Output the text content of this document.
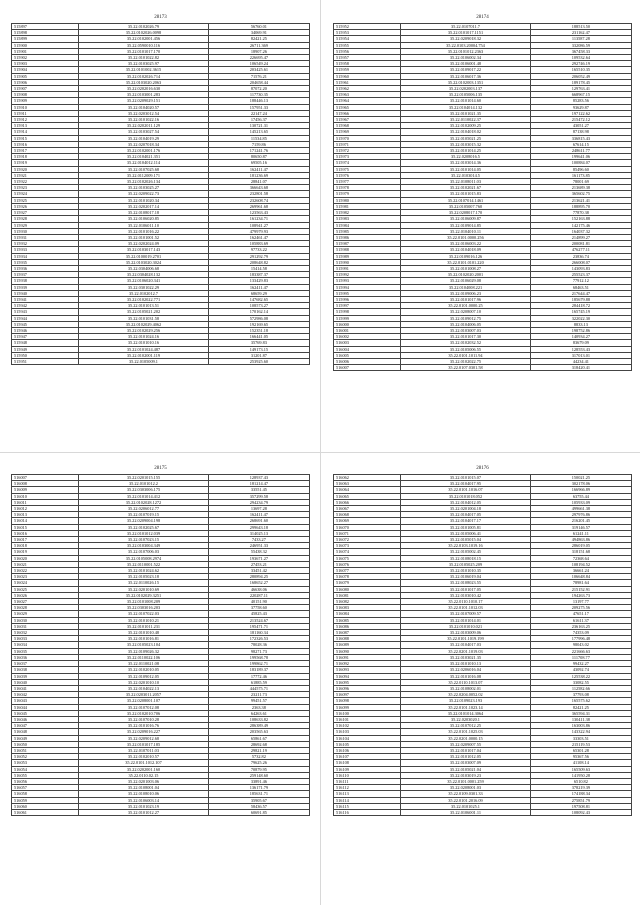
28173
515897	35.22.0102026.79	56760.01
515898	35.22.0102026.0098	34069.91
515899	35.22.0102001.456	82421.25
515900	35.22.0590010.116	26711.369
515901	35.22.0101017.170	18907.26
515902	35.22.0101022.82	226695.47
515903	35.22.0103025.97	106549.24
515904	35.22.0101002.3615	203425.61
515905	35.22.0102026.714	71576.21
515906	35.22.0103020.2063	204658.44
515907	35.22.0202016.630	87072.20
515908	35.22.0103001.283	117730.35
515909	35.22.0209029.151	188446.13
515910	35.22.0104020.57	157951.33
515911	35.22.0203012.54	22147.24
515912	35.22.0101022.16	17456.37
515913	35.22.0202011.129	130721.31
515914	35.22.0103027.54	145213.65
515915	35.22.0104019.29	11534.85
515916	35.22.0207018.34	7159.86
515917	35.22.0102001.176	171241.76
515918	35.22.0104021.351	80650.87
515919	35.22.0104012.114	69505.16
515920	35.22.0107025.68	162411.47
515921	35.22.0112009.171	181236.69
515922	35.22.0102026.134	28841.07
515923	35.22.0103025.27	366643.68
515924	35.22.0209022.73	232801.58
515925	35.22.0101020.34	232608.74
515926	35.22.0202017.14	269961.68
515927	35.22.0108017.18	123563.43
515928	35.22.0106020.85	161234.71
515929	35.22.0106011.10	108941.27
515930	35.22.0101016.22	479979.93
515931	35.22.0101001.52	162461.47
515932	35.22.0202024.09	105883.69
515933	35.22.0103017.143	97733.22
515934	35.22.0100019.2701	291292.79
515935	35.22.0103020.3024	208648.82
515936	35.22.0304006.68	15414.58
515937	35.22.0304028.132	183387.37
515938	35.22.0106020.341	133429.83
515939	35.22.0301022.29	162411.47
515940	35.22.0102012.7	68659.29
515941	35.22.0102022.771	147682.65
515942	35.22.0101013.51	108573.27
515943	35.22.0105021.202	170162.14
515944	35.22.0101031.58	572986.08
515945	35.22.0102029.4062	192169.65
515946	35.22.0102029.256	152351.18
515947	35.22.0101024.16	166441.05
515948	35.22.0101010.16	35769.83
515949	35.22.0101024.487	149173.15
515950	35.22.0102001.119	31201.87
515951	35.22.0105009.1	253925.60
28174
515952	35.22.0107011.7	188513.50
515953	35.22.0101017.1151	231162.47
515954	35.22.0209018.32	113587.28
515955	35.22.0103.20004.754	332086.59
515956	35.22.0101012.2363	367458.33
515957	35.22.0106002.34	109532.64
515958	35.22.0106001.48	292746.19
515959	35.22.0109017.22	165510.35
515960	35.22.0106017.36	206052.49
515961	35.22.0102003.1351	189178.45
515962	35.22.0202003.137	129763.41
515963	35.22.0105006.135	668967.15
515964	35.22.0101014.60	85283.56
515965	35.22.0104014.132	93629.87
515966	35.22.0101021.35	197122.62
515967	35.22.0110022.37	215472.12
515968	35.22.0102009.25	43051.27
515969	35.22.0104018.02	87138.98
515970	35.22.0105021.25	336815.43
515971	35.22.0103015.32	67614.15
515972	35.22.0101014.25	248611.77
515973	35.22.0208016.5	199641.06
515974	35.22.0103014.36	100884.07
515975	35.22.0101014.05	85496.60
515976	35.22.0103014.5	161173.85
515977	35.22.0108011.03	78001.69
515978	35.22.0102021.67	213689.38
515979	35.22.0101015.83	365602.75
515980	35.22.0107014.1461	213621.41
515981	35.22.0105007.760	188895.70
515982	35.22.0208017.170	77870.38
515983	35.22.0106009.87	152163.88
515984	35.22.0109014.85	142175.46
515985	35.22.0104010.11	164037.32
515986	35.22.0101.0000.256	214899.27
515987	35.22.0106003.22	200081.81
515988	35.22.0104018.09	476277.11
515989	35.22.0109016.126	23836.74
515990	35.22.0101.0101.220	266008.07
515991	35.22.0101008.27	143093.83
515992	35.22.0102020.2001	255523.37
515993	35.22.0106029.08	77912.12
515994	35.22.0104008.221	68463.51
515995	35.22.0109006.23	217644.47
515996	35.22.0101017.96	185679.88
515997	35.22.0101.0000.25	284418.72
515998	35.22.0208007.10	165745.19
515999	35.22.0109012.75	322022.30
516000	35.22.0104006.05	8833.13
516001	35.22.0103007.03	198752.86
516002	35.22.0101017.30	140934.27
516003	35.22.0102032.52	83679.09
516004	35.22.0105006.55	128553.43
516005	35.22.0101.1011.94	317013.01
516006	35.22.0102022.75	44234.41
516007	35.22.0107.0301.58	318420.41
28175
516007	35.22.0201015.155	128937.43
516008	35.22.0101012.2	181214.47
516009	35.22.0303006.175	33551.45
516010	35.22.0101014.412	357299.58
516011	35.22.0102028.1272	294234.79
516012	35.22.0206012.77	13697.28
516013	35.22.0107019.15	162411.47
516014	35.22.0209004.198	268691.60
516015	35.22.0102025.67	299643.18
516016	35.22.0101012.039	314025.13
516017	35.22.0107023.15	7433.27
516018	35.22.0103004.349	246951.33
516019	35.22.0107006.03	55438.32
516020	35.22.0105008.2974	193671.27
516021	35.22.0110001.522	27453.21
516022	35.22.0101024.62	33451.42
516023	35.22.0105023.18	280894.25
516024	35.22.0110026.15	168652.27
516025	35.22.0201010.69	46638.06
516026	35.22.0102029.3251	220287.11
516027	35.22.0101008.209	40151.90
516028	35.22.0303016.203	37758.60
516029	35.22.0107022.03	45825.43
516030	35.22.0101010.21	213524.67
516031	35.22.0101011.231	195471.71
516032	35.22.0101010.48	181160.34
516033	35.22.0101016.81	172326.53
516034	35.22.0105023.104	78028.36
516035	35.22.0109026.32	98271.73
516036	35.22.0110022.106	199568.78
516037	35.22.0110021.08	199862.71
516038	35.22.0102010.05	183189.37
516039	35.22.0109012.05	17772.46
516040	35.22.0201010.10	61885.59
516041	35.22.0104022.13	444575.71
516042	35.22.0203011.2057	23211.73
516043	35.22.0208001.107	99451.57
516044	35.22.0107012.08	2363.38
516045	35.22.0102010.706	64263.61
516046	35.22.0107010.28	108633.82
516047	35.22.0101016.76	286389.49
516048	35.22.0209016.227	203565.63
516049	35.22.0209012.68	65861.67
516050	35.22.0101017.185	28692.68
516051	35.22.0107011.03	29821.19
516052	35.22.0102010.57	5732.82
516053	35.22.0101.1012.107	79625.26
516054	35.22.0202001.160	70879.95
516055	35.22.0110.02.15	259148.60
516056	35.22.0201003.06	33891.46
516057	35.22.0108001.04	136171.79
516058	35.22.0108010.06	185631.71
516059	35.22.0106003.14	35905.67
516060	35.22.0101023.19	58436.57
516061	35.22.0101012.27	60691.85
28176
516062	35.22.0101015.07	150021.25
516063	35.22.0104017.95	302178.06
516064	35.22.0101.1016.07	166966.89
516065	35.22.0101018.052	63755.44
516066	35.22.0104012.05	105933.09
516067	35.22.0201004.18	499661.38
516068	35.22.0104017.05	297976.86
516069	35.22.0104017.17	216201.45
516070	35.22.0101005.81	319146.57
516071	35.22.0105006.41	61241.11
516072	35.22.0105015.04	494863.86
516073	35.22.0103.1019.16	286019.05
516074	35.22.0105002.45	318151.68
516075	35.22.0108018.15	72368.64
516076	35.22.0105025.209	108194.52
516077	35.22.0101010.35	36661.24
516078	35.22.0106019.04	106648.84
516079	35.22.0108023.55	78981.64
516080	35.22.0101017.05	215152.91
516081	35.22.0103010.42	194263.73
516082	35.22.0110.1010.17	13197.77
516083	35.22.0101.1012.03	209275.56
516084	35.22.0107009.57	47651.17
516085	35.22.0101014.01	61611.37
516086	35.22.0101010.021	236163.25
516087	35.22.0103009.06	74353.09
516088	35.22.0101.1019.199	177996.48
516089	35.22.0104017.03	98043.02
516090	35.22.0201.1019.03	221666.63
516091	35.22.0103021.35	111708.77
516092	35.22.0101010.13	99432.27
516093	35.22.0206016.04	43092.74
516094	35.22.0101016.08	125538.22
516095	35.22.0110.1013.07	33082.55
516096	35.22.0108002.01	112582.66
516097	35.22.0204.0052.02	37793.08
516098	35.22.0109023.193	165575.62
516099	35.22.0101.1023.14	82421.25
516100	35.22.0101014.3064	365594.31
516101	35.22.0203020.1	130411.38
516102	35.22.0107012.25	163003.86
516103	35.22.0101.1025.03	143322.94
516104	35.22.0201.0000.15	33303.51
516105	35.22.0209007.55	215119.53
516106	35.22.0101017.04	65301.28
516107	35.22.0101012.05	95367.56
516108	35.22.0103007.09	41108.14
516109	35.22.0105021.04	165509.63
516110	35.22.0103019.23	141950.28
516111	35.22.0101.0001.259	6510.82
516112	35.22.0208001.03	378219.39
516113	35.22.0109.0301.33	174188.34
516114	35.22.0101.2016.09	275851.79
516115	35.22.0101025.1	197508.81
516116	35.22.0106001.11	108092.43
